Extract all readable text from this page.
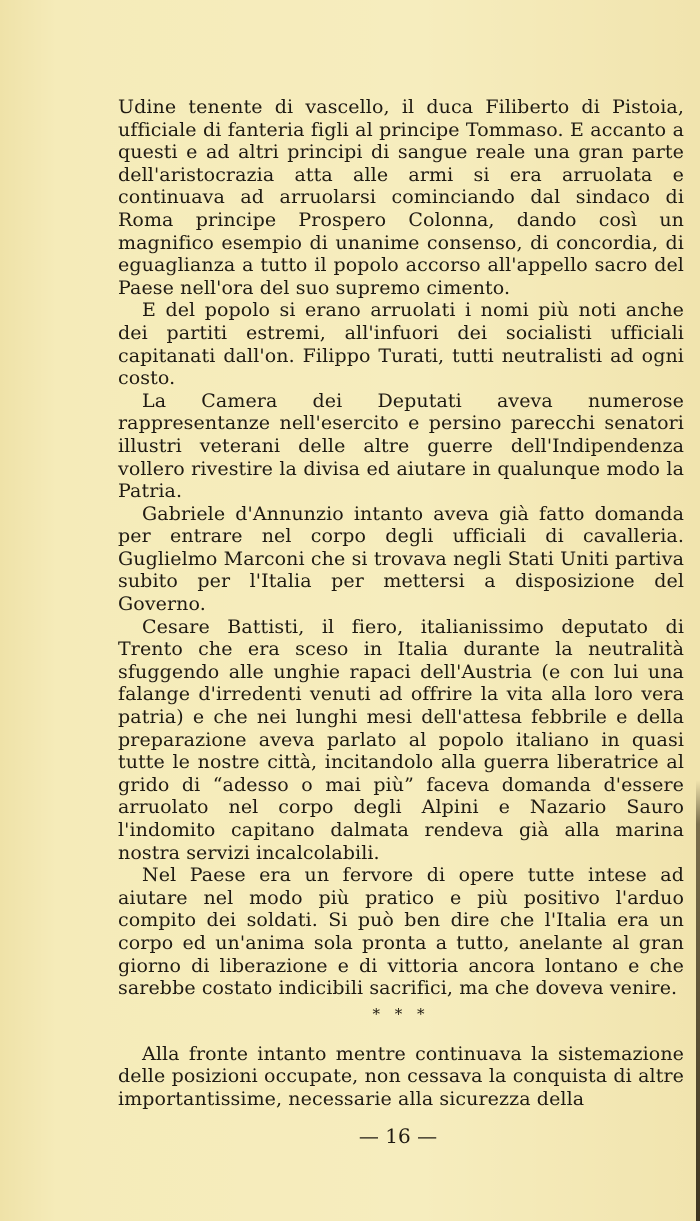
Udine tenente di vascello, il duca Filiberto di Pistoia, ufficiale di fanteria figli al principe Tommaso. E accanto a questi e ad altri principi di sangue reale una gran parte dell'aristocrazia atta alle armi si era arruolata e continuava ad arruolarsi cominciando dal sindaco di Roma principe Prospero Colonna, dando così un magnifico esempio di unanime consenso, di concordia, di eguaglianza a tutto il popolo accorso all'appello sacro del Paese nell'ora del suo supremo cimento.

E del popolo si erano arruolati i nomi più noti anche dei partiti estremi, all'infuori dei socialisti ufficiali capitanati dall'on. Filippo Turati, tutti neutralisti ad ogni costo.

La Camera dei Deputati aveva numerose rappresentanze nell'esercito e persino parecchi senatori illustri veterani delle altre guerre dell'Indipendenza vollero rivestire la divisa ed aiutare in qualunque modo la Patria.

Gabriele d'Annunzio intanto aveva già fatto domanda per entrare nel corpo degli ufficiali di cavalleria. Guglielmo Marconi che si trovava negli Stati Uniti partiva subito per l'Italia per mettersi a disposizione del Governo.

Cesare Battisti, il fiero, italianissimo deputato di Trento che era sceso in Italia durante la neutralità sfuggendo alle unghie rapaci dell'Austria (e con lui una falange d'irredenti venuti ad offrire la vita alla loro vera patria) e che nei lunghi mesi dell'attesa febbrile e della preparazione aveva parlato al popolo italiano in quasi tutte le nostre città, incitandolo alla guerra liberatrice al grido di “adesso o mai più” faceva domanda d'essere arruolato nel corpo degli Alpini e Nazario Sauro l'indomito capitano dalmata rendeva già alla marina nostra servizi incalcolabili.

Nel Paese era un fervore di opere tutte intese ad aiutare nel modo più pratico e più positivo l'arduo compito dei soldati. Si può ben dire che l'Italia era un corpo ed un'anima sola pronta a tutto, anelante al gran giorno di liberazione e di vittoria ancora lontano e che sarebbe costato indicibili sacrifici, ma che doveva venire.

* * *

Alla fronte intanto mentre continuava la sistemazione delle posizioni occupate, non cessava la conquista di altre importantissime, necessarie alla sicurezza della

— 16 —
